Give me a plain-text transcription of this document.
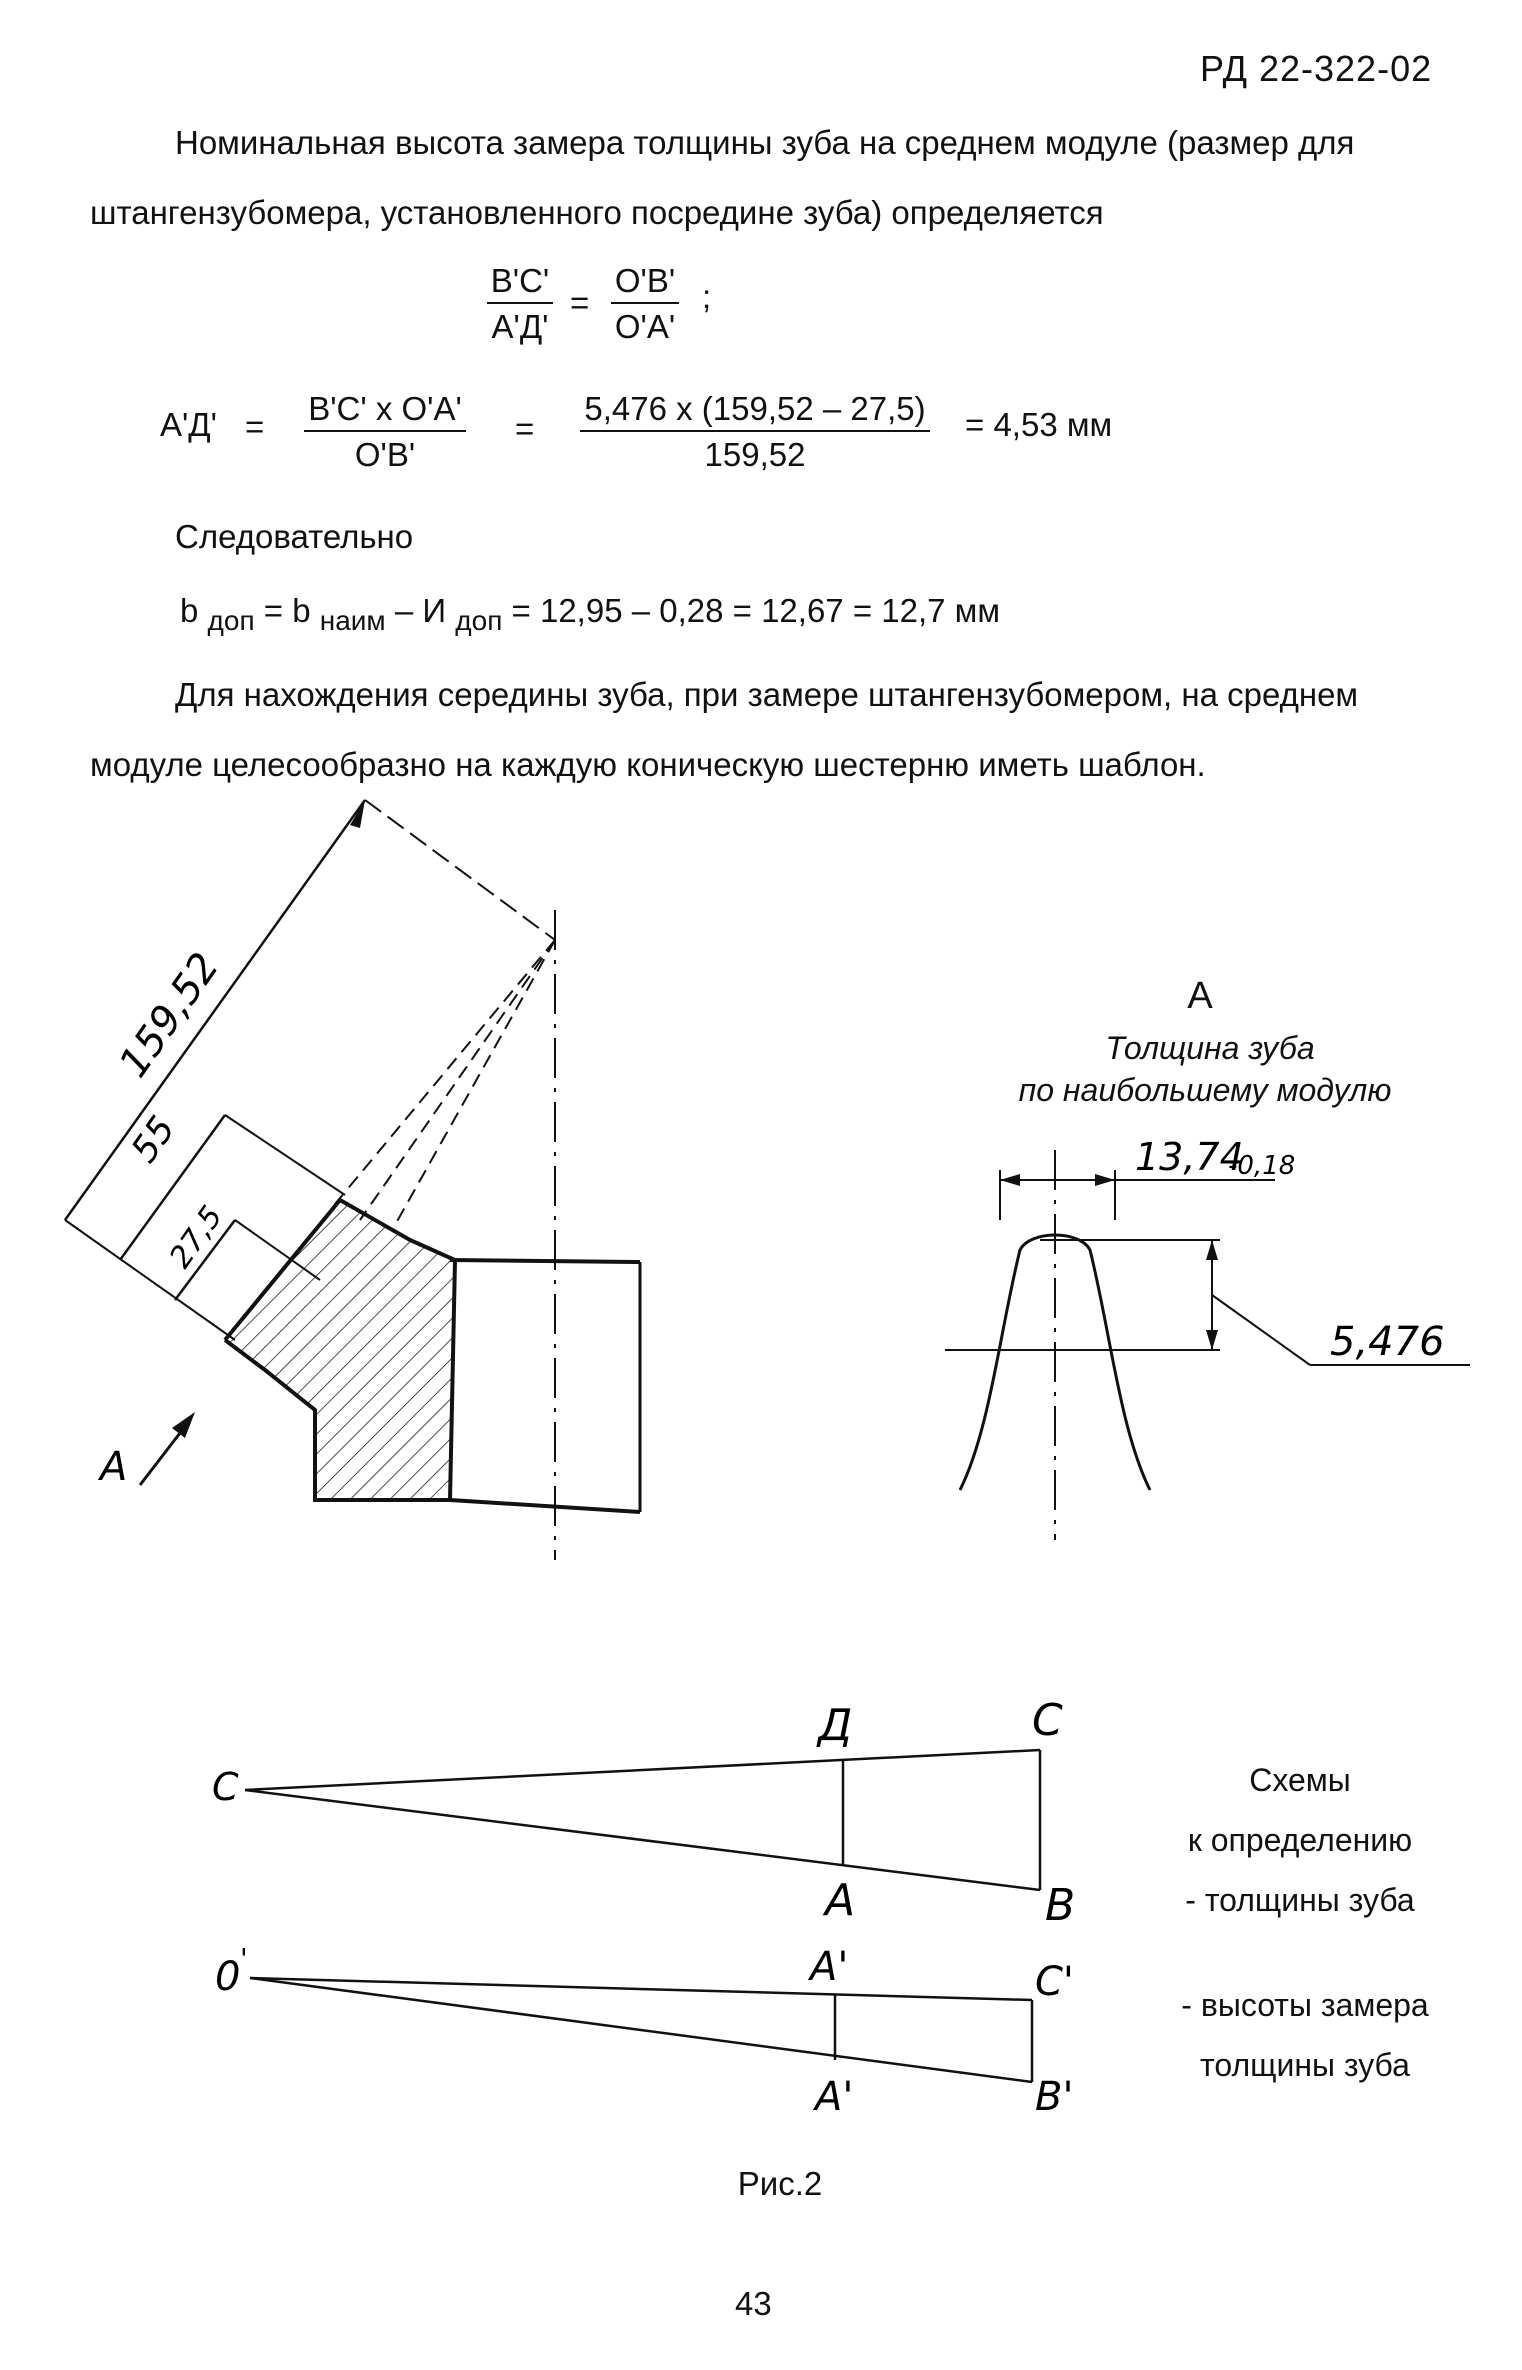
РД 22-322-02
Номинальная высота замера толщины зуба на среднем модуле (размер для штангензубомера, установленного посредине зуба) определяется
В'С'
А'Д'
=
О'В'
О'А'
;
А'Д' =	В'С' х О'А'
О'В'
=
5,476 х (159,52 – 27,5)
159,52
= 4,53 мм
Следовательно
b $_{доп}$ = b $_{наим}$ – И $_{доп}$ = 12,95 – 0,28 = 12,67 = 12,7 мм
Для нахождения середины зуба, при замере штангензубомером, на среднем модуле целесообразно на каждую коническую шестерню иметь шаблон.
159,52
55
27,5
А
А
Толщина зуба
по наибольшему модулю
13,74
-0,18
5,476
С
Д	С
А	В
0 '	А'	С'
А'	В'
Схемы
к определению
- толщины зуба
- высоты замера
толщины зуба
Рис.2
43
